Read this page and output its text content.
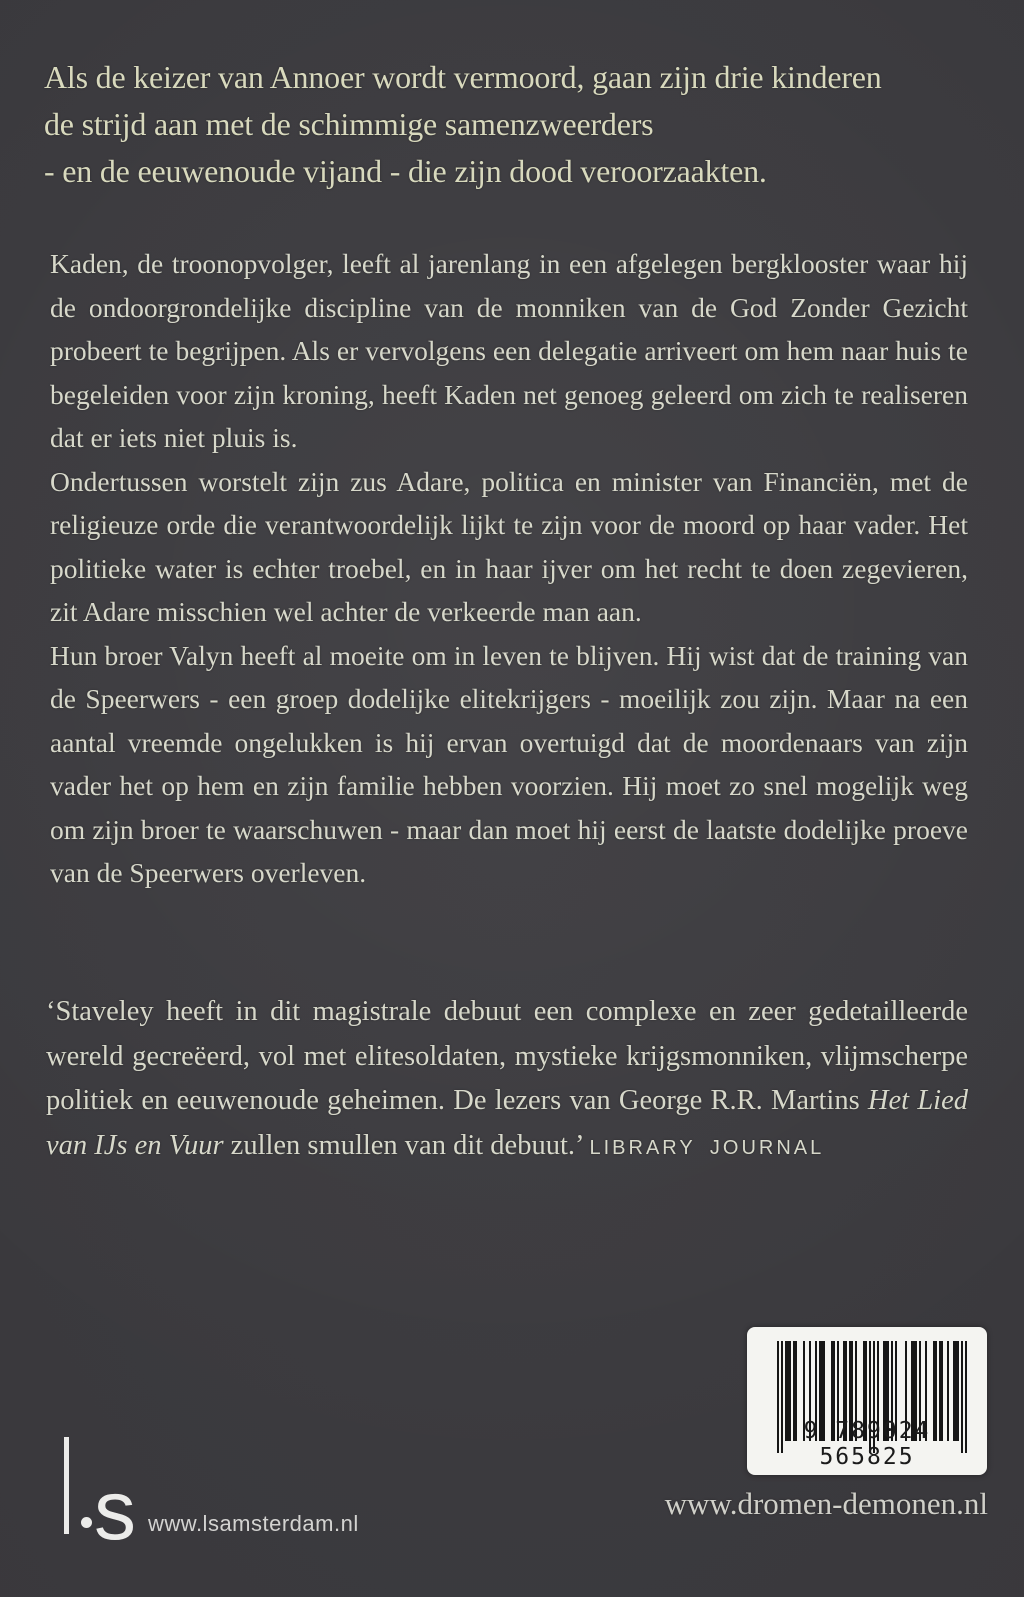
Als de keizer van Annoer wordt vermoord, gaan zijn drie kinderen
de strijd aan met de schimmige samenzweerders
- en de eeuwenoude vijand - die zijn dood veroorzaakten.

Kaden, de troonopvolger, leeft al jarenlang in een afgelegen bergklooster waar hij de ondoorgrondelijke discipline van de monniken van de God Zonder Gezicht probeert te begrijpen. Als er vervolgens een delegatie arriveert om hem naar huis te begeleiden voor zijn kroning, heeft Kaden net genoeg geleerd om zich te realiseren dat er iets niet pluis is.

Ondertussen worstelt zijn zus Adare, politica en minister van Financiën, met de religieuze orde die verantwoordelijk lijkt te zijn voor de moord op haar vader. Het politieke water is echter troebel, en in haar ijver om het recht te doen zegevieren, zit Adare misschien wel achter de verkeerde man aan.

Hun broer Valyn heeft al moeite om in leven te blijven. Hij wist dat de training van de Speerwers - een groep dodelijke elitekrijgers - moeilijk zou zijn. Maar na een aantal vreemde ongelukken is hij ervan overtuigd dat de moordenaars van zijn vader het op hem en zijn familie hebben voorzien. Hij moet zo snel mogelijk weg om zijn broer te waarschuwen - maar dan moet hij eerst de laatste dodelijke proeve van de Speerwers overleven.

‘Staveley heeft in dit magistrale debuut een complexe en zeer gedetailleerde wereld gecreëerd, vol met elitesoldaten, mystieke krijgsmonniken, vlijmscherpe politiek en eeuwenoude geheimen. De lezers van George R.R. Martins Het Lied van IJs en Vuur zullen smullen van dit debuut.’ LIBRARY JOURNAL
9 789024 565825
s www.lsamsterdam.nl
www.dromen-demonen.nl
